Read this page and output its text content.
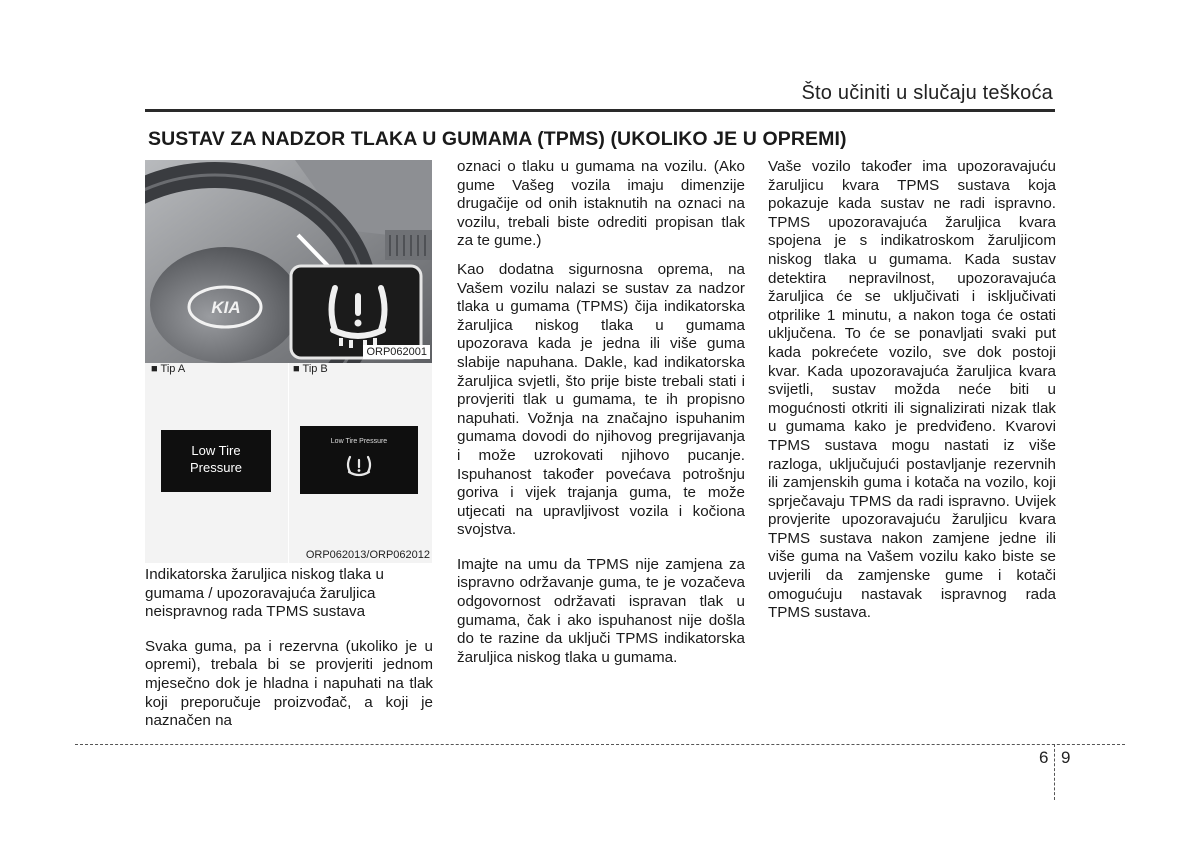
Što učiniti u slučaju teškoća
SUSTAV ZA NADZOR TLAKA U GUMAMA (TPMS) (UKOLIKO JE U OPREMI)
KIA
ORP062001
■ Tip A	■ Tip B
Low Tire
Pressure
Low Tire Pressure
ORP062013/ORP062012

Indikatorska žaruljica niskog tlaka u gumama / upozoravajuća žaruljica neispravnog rada TPMS sustava

Svaka guma, pa i rezervna (ukoliko je u opremi), trebala bi se provjeriti jednom mjesečno dok je hladna i napuhati na tlak koji preporučuje proizvođač, a koji je naznačen na

oznaci o tlaku u gumama na vozilu. (Ako gume Vašeg vozila imaju dimenzije drugačije od onih istaknutih na oznaci na vozilu, trebali biste odrediti propisan tlak za te gume.)

Kao dodatna sigurnosna oprema, na Vašem vozilu nalazi se sustav za nadzor tlaka u gumama (TPMS) čija indikatorska žaruljica niskog tlaka u gumama upozorava kada je jedna ili više guma slabije napuhana. Dakle, kad indikatorska žaruljica svjetli, što prije biste trebali stati i provjeriti tlak u gumama, te ih propisno napuhati. Vožnja na značajno ispuhanim gumama dovodi do njihovog pregrijavanja i može uzrokovati njihovo pucanje. Ispuhanost također povećava potrošnju goriva i vijek trajanja guma, te može utjecati na upravljivost vozila i kočiona svojstva.

Imajte na umu da TPMS nije zamjena za ispravno održavanje guma, te je vozačeva odgovornost održavati ispravan tlak u gumama, čak i ako ispuhanost nije došla do te razine da uključi TPMS indikatorska žaruljica niskog tlaka u gumama.

Vaše vozilo također ima upozoravajuću žaruljicu kvara TPMS sustava koja pokazuje kada sustav ne radi ispravno. TPMS upozoravajuća žaruljica kvara spojena je s indikatroskom žaruljicom niskog tlaka u gumama. Kada sustav detektira nepravilnost, upozoravajuća žaruljica će se uključivati i isključivati otprilike 1 minutu, a nakon toga će ostati uključena. To će se ponavljati svaki put kada pokrećete vozilo, sve dok postoji kvar. Kada upozoravajuća žaruljica kvara svijetli, sustav možda neće biti u mogućnosti otkriti ili signalizirati nizak tlak u gumama kako je predviđeno. Kvarovi TPMS sustava mogu nastati iz više razloga, uključujući postavljanje rezervnih ili zamjenskih guma i kotača na vozilo, koji sprječavaju TPMS da radi ispravno. Uvijek provjerite upozoravajuću žaruljicu kvara TPMS sustava nakon zamjene jedne ili više guma na Vašem vozilu kako biste se uvjerili da zamjenske gume i kotači omogućuju nastavak ispravnog rada TPMS sustava.

6 9
